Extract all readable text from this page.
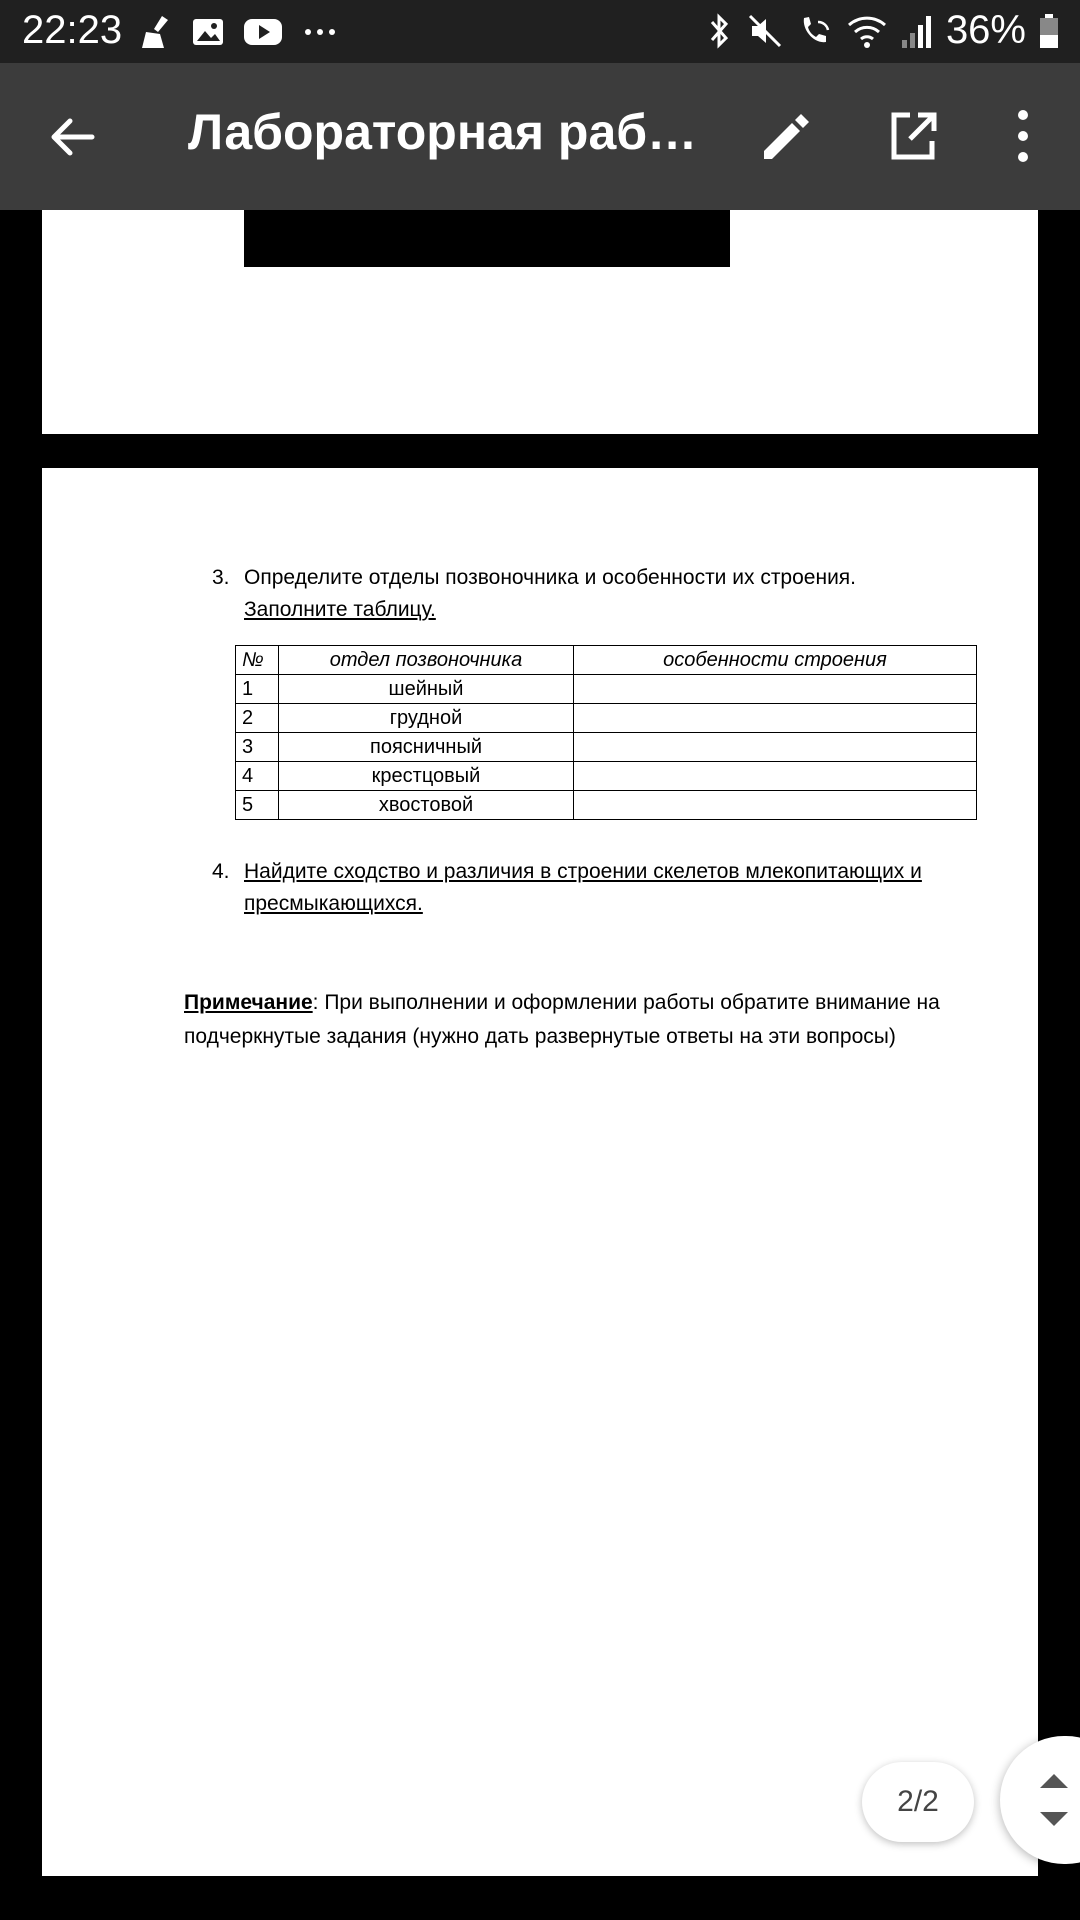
22:23	36%
Лабораторная раб…
3. Определите отделы позвоночника и особенности их строения.
Заполните таблицу.
№	отдел позвоночника	особенности строения
1	шейный	
2	грудной	
3	поясничный	
4	крестцовый	
5	хвостовой	
4. Найдите сходство и различия в строении скелетов млекопитающих и
пресмыкающихся.
Примечание: При выполнении и оформлении работы обратите внимание на
подчеркнутые задания (нужно дать развернутые ответы на эти вопросы)
2/2
